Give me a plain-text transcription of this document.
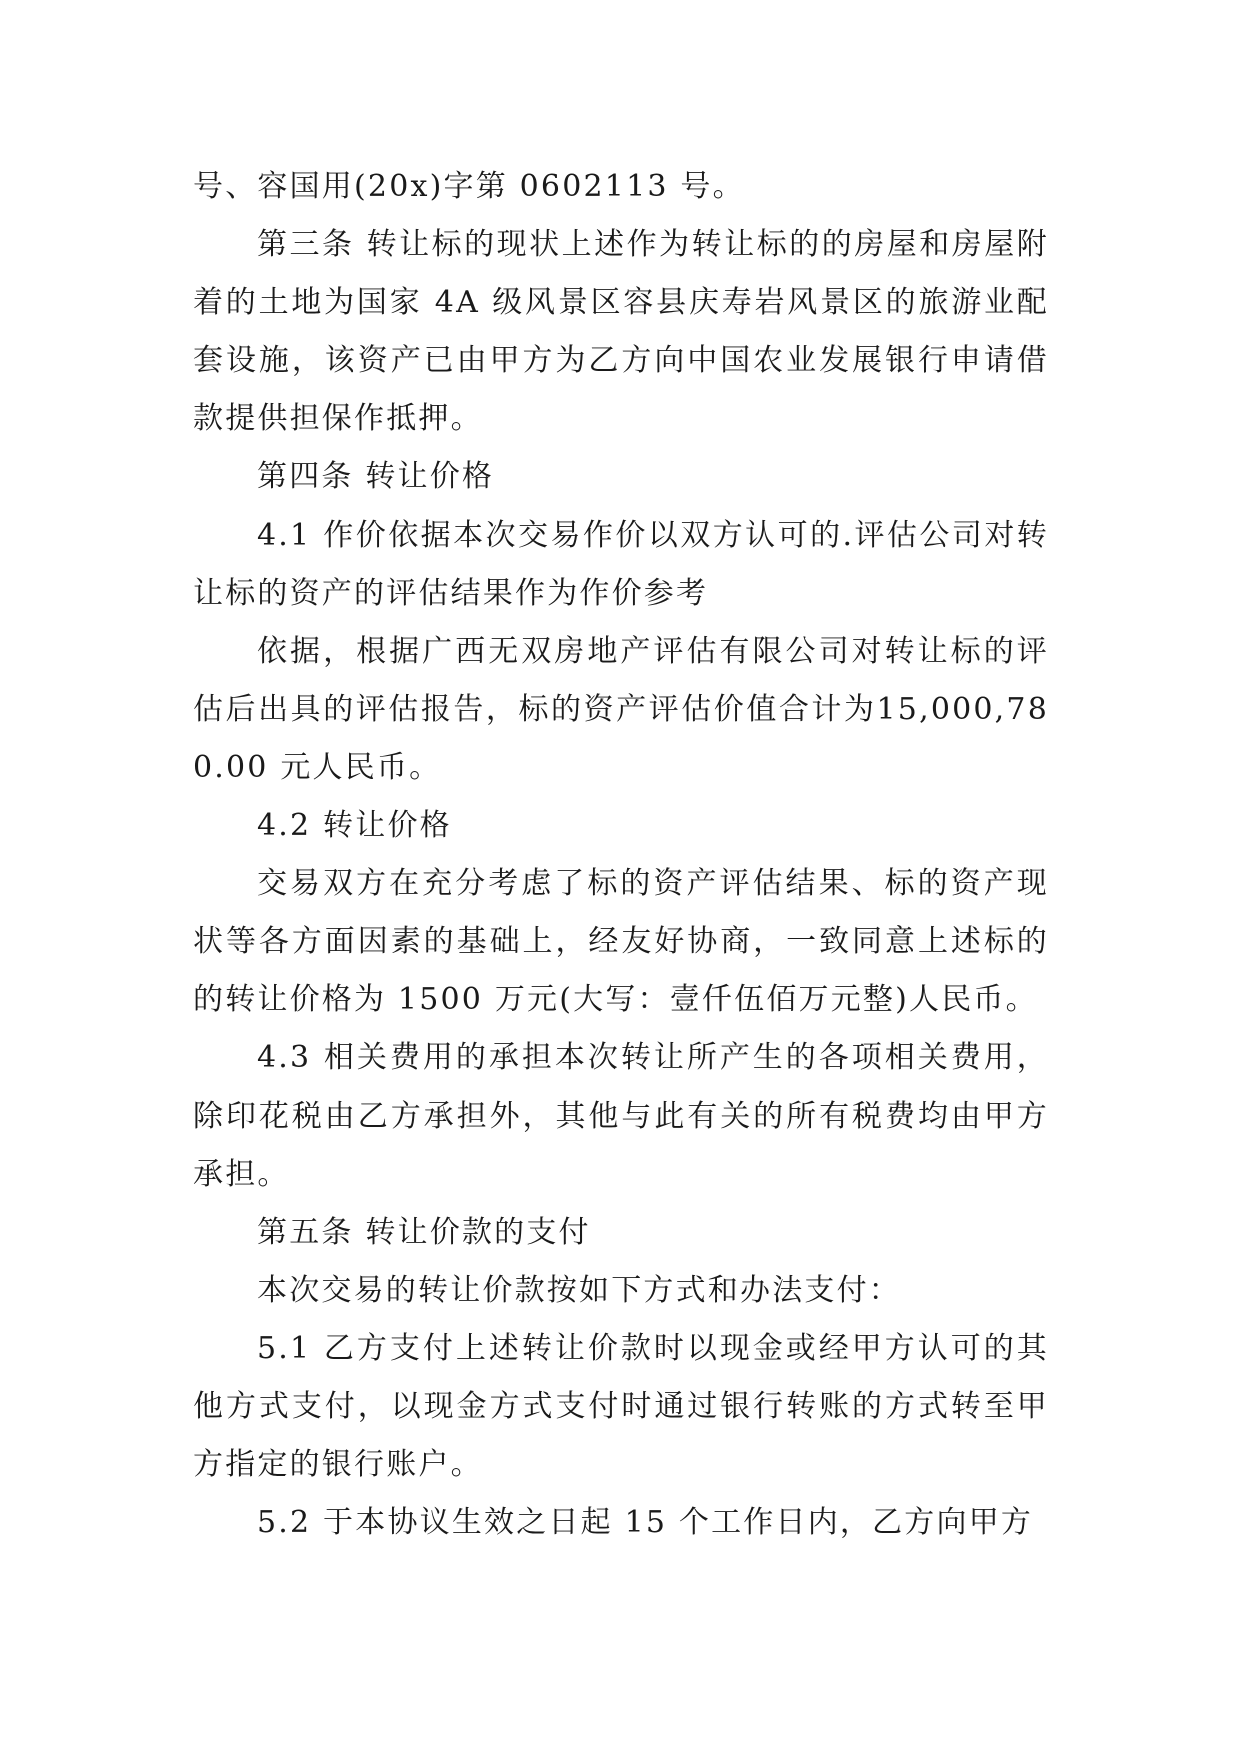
号、容国用(20x)字第 0602113 号。

第三条 转让标的现状上述作为转让标的的房屋和房屋附着的土地为国家 4A 级风景区容县庆寿岩风景区的旅游业配套设施，该资产已由甲方为乙方向中国农业发展银行申请借款提供担保作抵押。

第四条 转让价格

4.1 作价依据本次交易作价以双方认可的.评估公司对转让标的资产的评估结果作为作价参考

依据，根据广西无双房地产评估有限公司对转让标的评估后出具的评估报告，标的资产评估价值合计为15,000,780.00 元人民币。

4.2 转让价格

交易双方在充分考虑了标的资产评估结果、标的资产现状等各方面因素的基础上，经友好协商，一致同意上述标的的转让价格为 1500 万元(大写：壹仟伍佰万元整)人民币。

4.3 相关费用的承担本次转让所产生的各项相关费用，除印花税由乙方承担外，其他与此有关的所有税费均由甲方承担。

第五条 转让价款的支付

本次交易的转让价款按如下方式和办法支付：

5.1 乙方支付上述转让价款时以现金或经甲方认可的其他方式支付，以现金方式支付时通过银行转账的方式转至甲方指定的银行账户。

5.2 于本协议生效之日起 15 个工作日内，乙方向甲方
